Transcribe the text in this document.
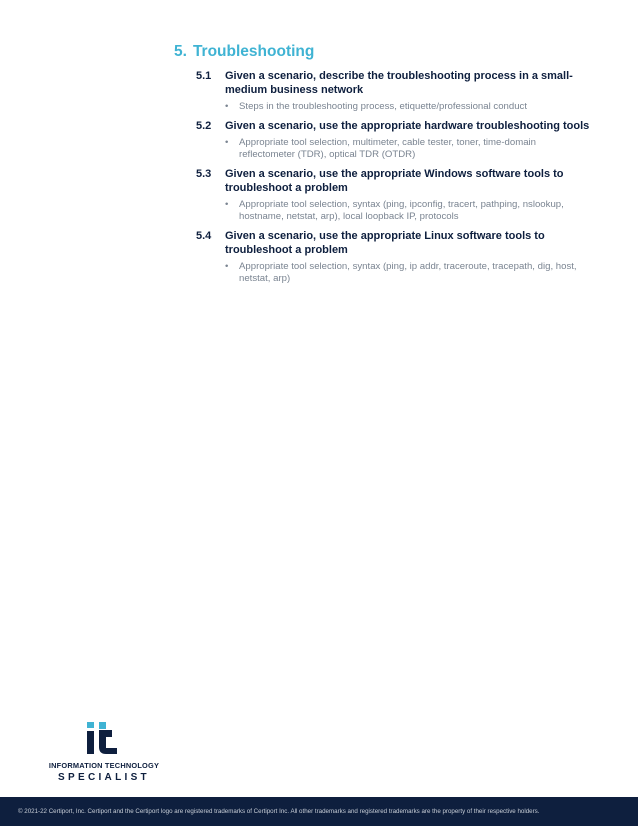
5. Troubleshooting
5.1	Given a scenario, describe the troubleshooting process in a small-medium business network
•	Steps in the troubleshooting process, etiquette/professional conduct
5.2	Given a scenario, use the appropriate hardware troubleshooting tools
•	Appropriate tool selection, multimeter, cable tester, toner, time-domain reflectometer (TDR), optical TDR (OTDR)
5.3	Given a scenario, use the appropriate Windows software tools to troubleshoot a problem
•	Appropriate tool selection, syntax (ping, ipconfig, tracert, pathping, nslookup, hostname, netstat, arp), local loopback IP, protocols
5.4	Given a scenario, use the appropriate Linux software tools to troubleshoot a problem
•	Appropriate tool selection, syntax (ping, ip addr, traceroute, tracepath, dig, host, netstat, arp)
INFORMATION TECHNOLOGY
SPECIALIST
© 2021-22 Certiport, Inc. Certiport and the Certiport logo are registered trademarks of Certiport Inc. All other trademarks and registered trademarks are the property of their respective holders.
